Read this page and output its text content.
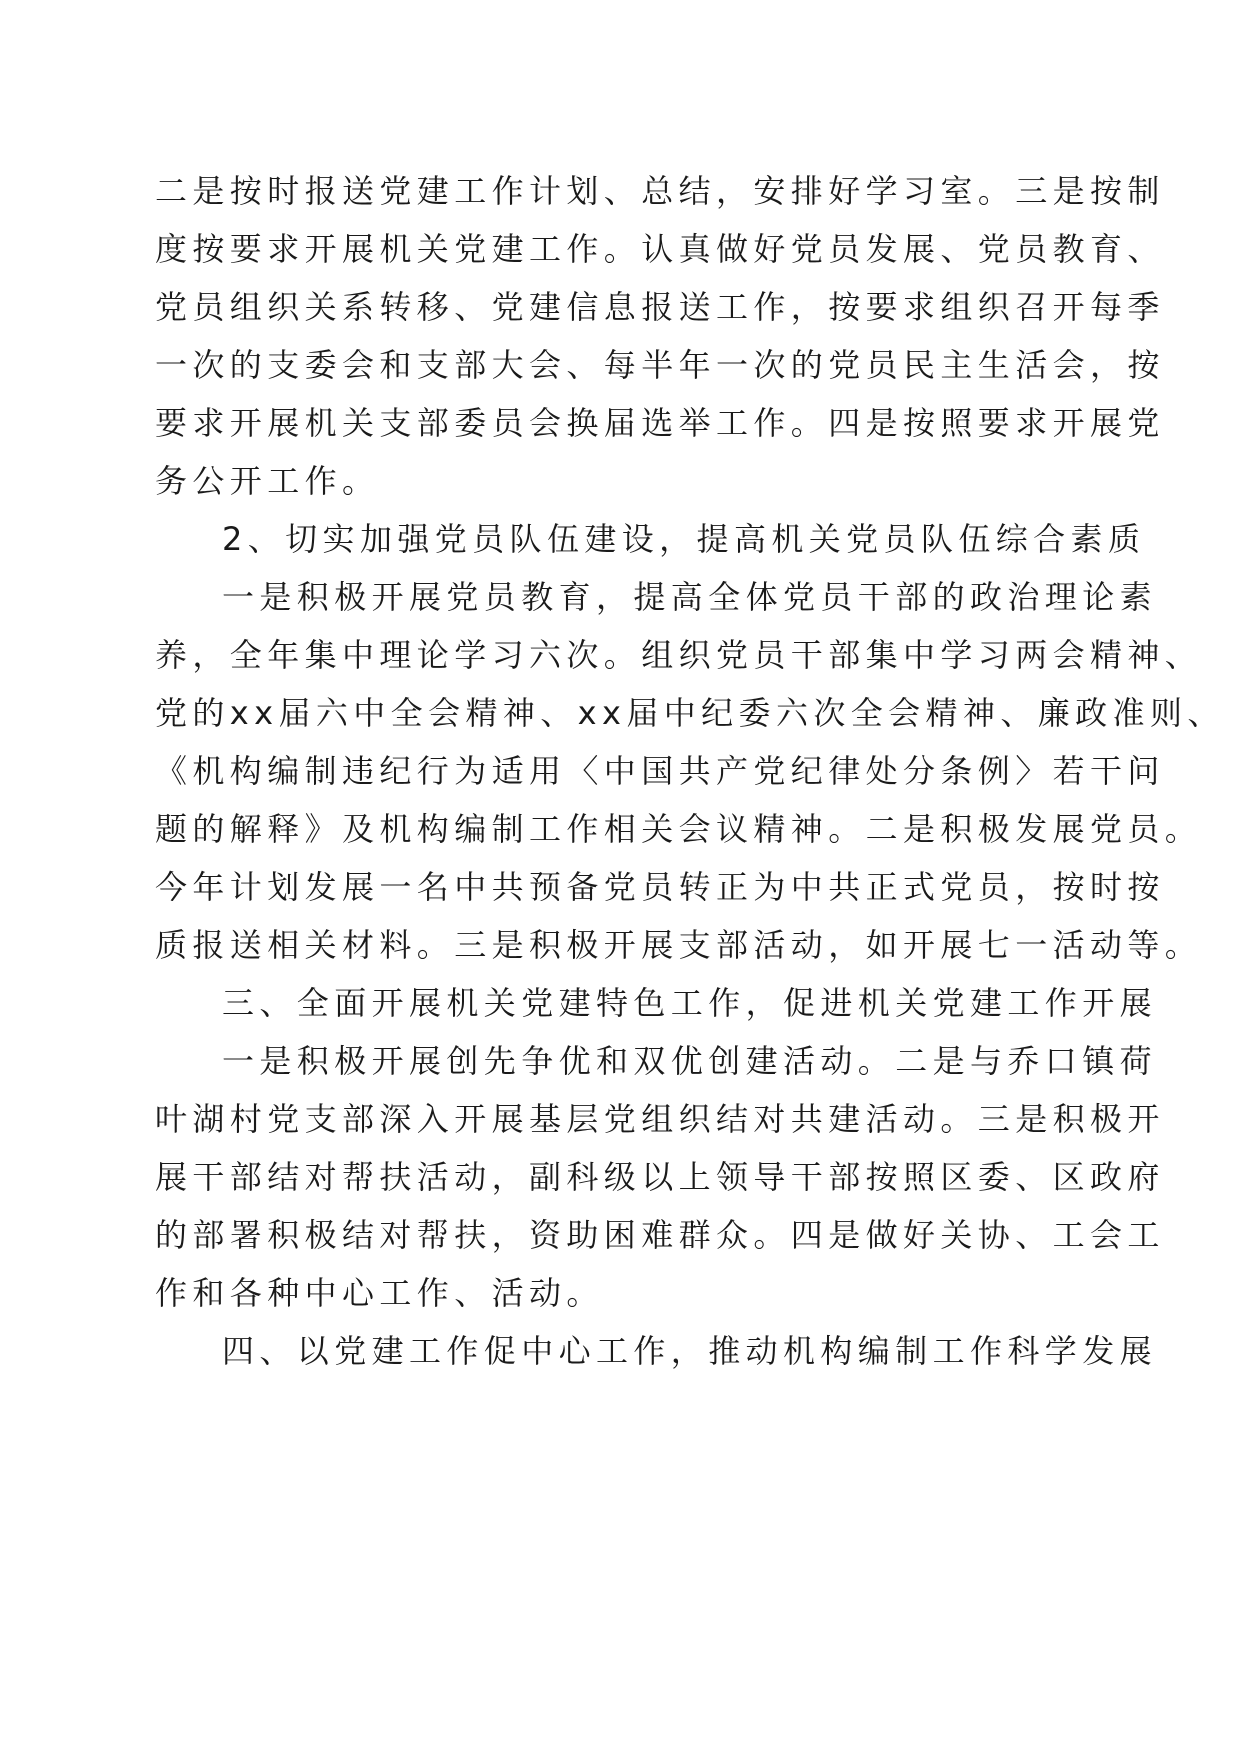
二是按时报送党建工作计划、总结，安排好学习室。三是按制
度按要求开展机关党建工作。认真做好党员发展、党员教育、
党员组织关系转移、党建信息报送工作，按要求组织召开每季
一次的支委会和支部大会、每半年一次的党员民主生活会，按
要求开展机关支部委员会换届选举工作。四是按照要求开展党
务公开工作。
2、切实加强党员队伍建设，提高机关党员队伍综合素质
一是积极开展党员教育，提高全体党员干部的政治理论素
养，全年集中理论学习六次。组织党员干部集中学习两会精神、
党的xx届六中全会精神、xx届中纪委六次全会精神、廉政准则、
《机构编制违纪行为适用〈中国共产党纪律处分条例〉若干问
题的解释》及机构编制工作相关会议精神。二是积极发展党员。
今年计划发展一名中共预备党员转正为中共正式党员，按时按
质报送相关材料。三是积极开展支部活动，如开展七一活动等。
三、全面开展机关党建特色工作，促进机关党建工作开展
一是积极开展创先争优和双优创建活动。二是与乔口镇荷
叶湖村党支部深入开展基层党组织结对共建活动。三是积极开
展干部结对帮扶活动，副科级以上领导干部按照区委、区政府
的部署积极结对帮扶，资助困难群众。四是做好关协、工会工
作和各种中心工作、活动。
四、以党建工作促中心工作，推动机构编制工作科学发展
